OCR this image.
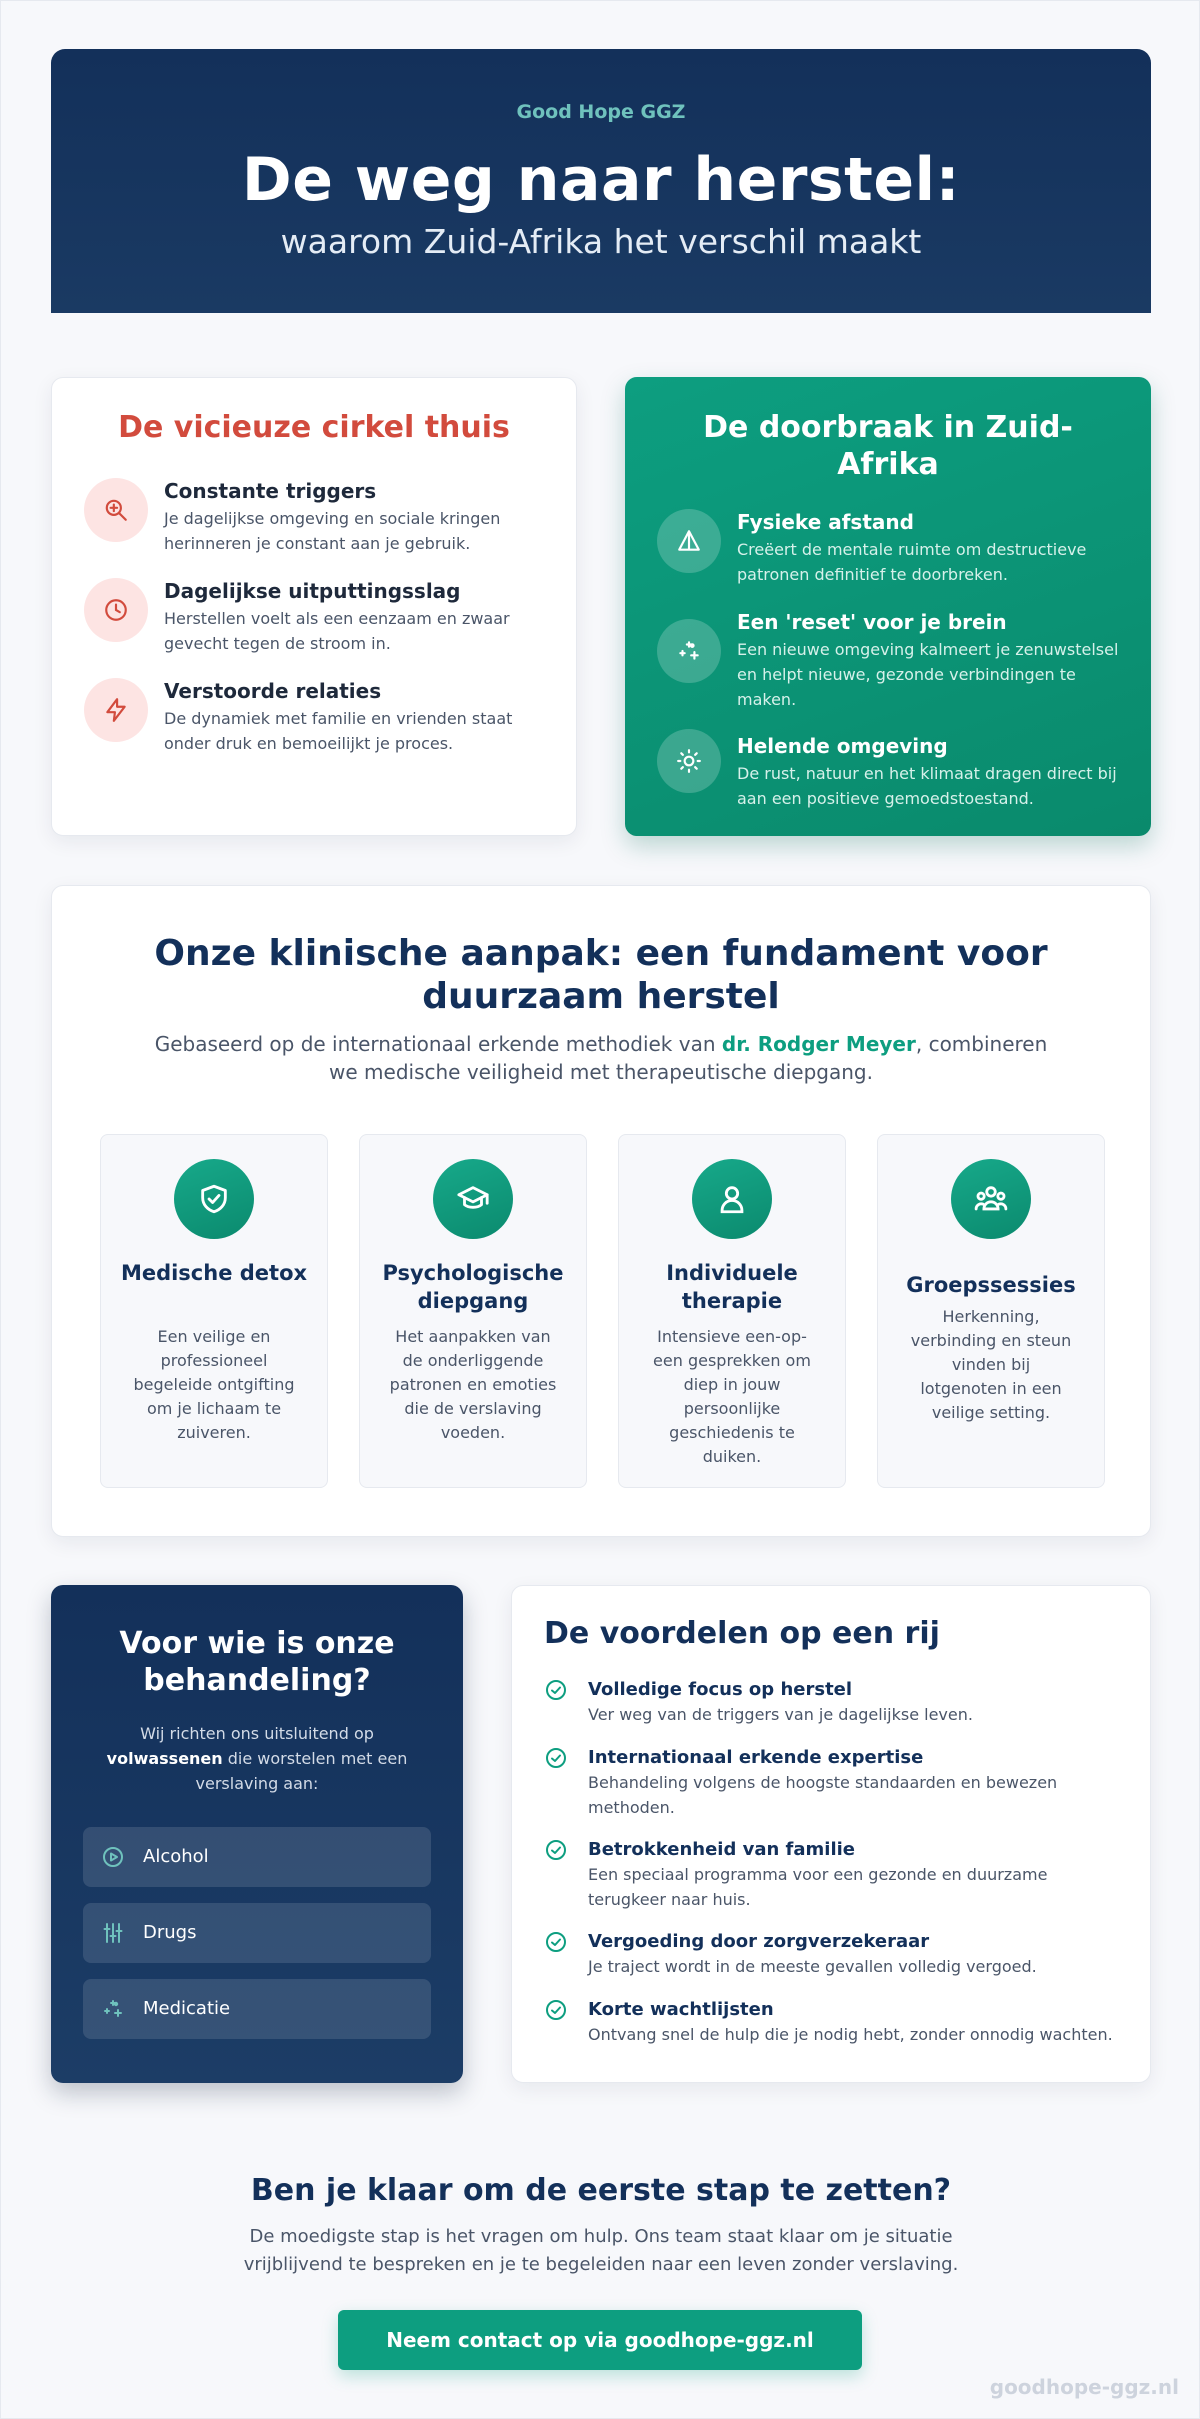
Good Hope GGZ
De weg naar herstel:
waarom Zuid-Afrika het verschil maakt
De vicieuze cirkel thuis
Constante triggers
Je dagelijkse omgeving en sociale kringen herinneren je constant aan je gebruik.
Dagelijkse uitputtingsslag
Herstellen voelt als een eenzaam en zwaar gevecht tegen de stroom in.
Verstoorde relaties
De dynamiek met familie en vrienden staat onder druk en bemoeilijkt je proces.
De doorbraak in Zuid-Afrika
Fysieke afstand
Creëert de mentale ruimte om destructieve patronen definitief te doorbreken.
Een 'reset' voor je brein
Een nieuwe omgeving kalmeert je zenuwstelsel en helpt nieuwe, gezonde verbindingen te maken.
Helende omgeving
De rust, natuur en het klimaat dragen direct bij aan een positieve gemoedstoestand.
Onze klinische aanpak: een fundament voor duurzaam herstel

Gebaseerd op de internationaal erkende methodiek van dr. Rodger Meyer, combineren we medische veiligheid met therapeutische diepgang.

Medische detox
Een veilige en professioneel begeleide ontgifting om je lichaam te zuiveren.
Psychologische diepgang
Het aanpakken van de onderliggende patronen en emoties die de verslaving voeden.
Individuele therapie
Intensieve een-op-een gesprekken om diep in jouw persoonlijke geschiedenis te duiken.
Groepssessies
Herkenning, verbinding en steun vinden bij lotgenoten in een veilige setting.
Voor wie is onze behandeling?

Wij richten ons uitsluitend op volwassenen die worstelen met een verslaving aan:

Alcohol
Drugs
Medicatie
De voordelen op een rij
Volledige focus op herstel
Ver weg van de triggers van je dagelijkse leven.
Internationaal erkende expertise
Behandeling volgens de hoogste standaarden en bewezen methoden.
Betrokkenheid van familie
Een speciaal programma voor een gezonde en duurzame terugkeer naar huis.
Vergoeding door zorgverzekeraar
Je traject wordt in de meeste gevallen volledig vergoed.
Korte wachtlijsten
Ontvang snel de hulp die je nodig hebt, zonder onnodig wachten.
Ben je klaar om de eerste stap te zetten?

De moedigste stap is het vragen om hulp. Ons team staat klaar om je situatie vrijblijvend te bespreken en je te begeleiden naar een leven zonder verslaving.

Neem contact op via goodhope-ggz.nl
goodhope-ggz.nl
